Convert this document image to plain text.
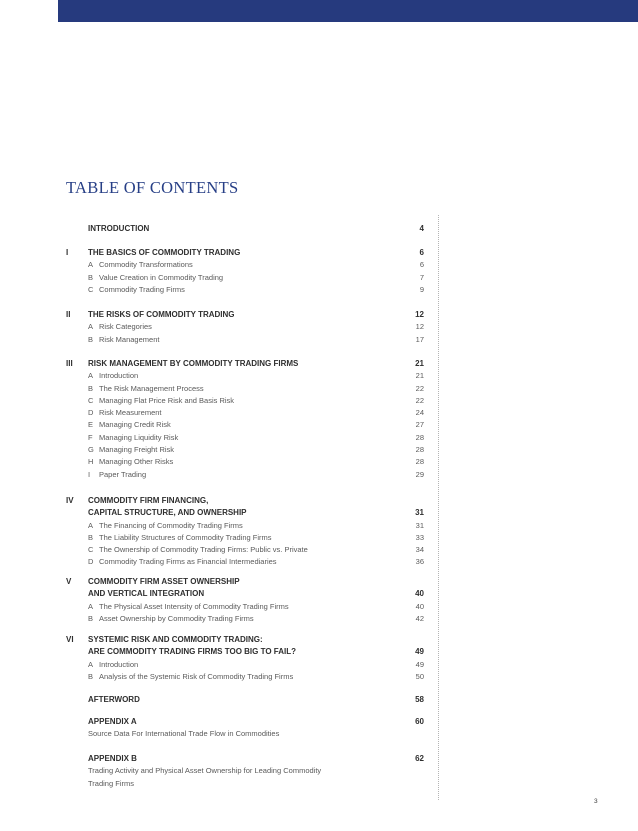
TABLE OF CONTENTS
INTRODUCTION	4
I THE BASICS OF COMMODITY TRADING	6
A Commodity Transformations	6
B Value Creation in Commodity Trading	7
C Commodity Trading Firms	9
II THE RISKS OF COMMODITY TRADING	12
A Risk Categories	12
B Risk Management	17
III RISK MANAGEMENT BY COMMODITY TRADING FIRMS	21
A Introduction	21
B The Risk Management Process	22
C Managing Flat Price Risk and Basis Risk	22
D Risk Measurement	24
E Managing Credit Risk	27
F Managing Liquidity Risk	28
G Managing Freight Risk	28
H Managing Other Risks	28
I Paper Trading	29
IV COMMODITY FIRM FINANCING,
CAPITAL STRUCTURE, AND OWNERSHIP	31
A The Financing of Commodity Trading Firms	31
B The Liability Structures of Commodity Trading Firms	33
C The Ownership of Commodity Trading Firms: Public vs. Private	34
D Commodity Trading Firms as Financial Intermediaries	36
V COMMODITY FIRM ASSET OWNERSHIP
AND VERTICAL INTEGRATION	40
A The Physical Asset Intensity of Commodity Trading Firms	40
B Asset Ownership by Commodity Trading Firms	42
VI SYSTEMIC RISK AND COMMODITY TRADING:
ARE COMMODITY TRADING FIRMS TOO BIG TO FAIL?	49
A Introduction	49
B Analysis of the Systemic Risk of Commodity Trading Firms	50
AFTERWORD	58
APPENDIX A	60
Source Data For International Trade Flow in Commodities
APPENDIX B	62
Trading Activity and Physical Asset Ownership for Leading Commodity
Trading Firms
3
